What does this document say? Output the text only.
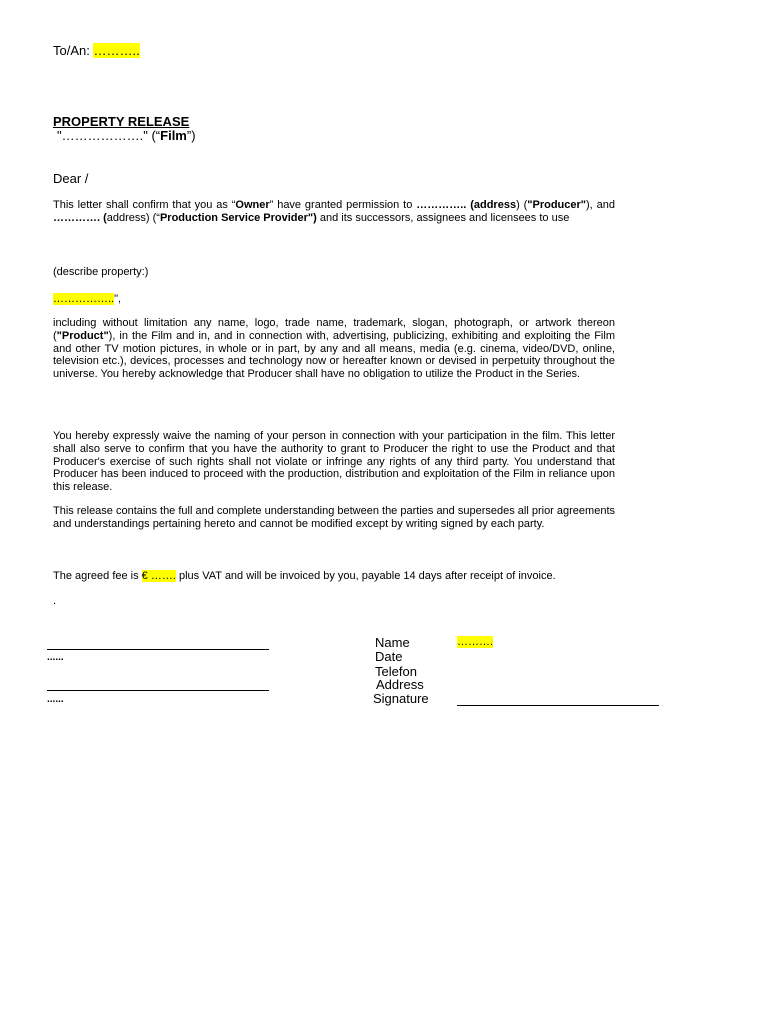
To/An: ………..
PROPERTY RELEASE
"………………." (“Film”)
Dear /
This letter shall confirm that you as “Owner” have granted permission to ………….. (address) ("Producer"), and …………. (address) (“Production Service Provider") and its successors, assignees and licensees to use
(describe property:)
……………..",
including without limitation any name, logo, trade name, trademark, slogan, photograph, or artwork thereon ("Product"), in the Film and in, and in connection with, advertising, publicizing, exhibiting and exploiting the Film and other TV motion pictures, in whole or in part, by any and all means, media (e.g. cinema, video/DVD, online, television etc.), devices, processes and technology now or hereafter known or devised in perpetuity throughout the universe. You hereby acknowledge that Producer shall have no obligation to utilize the Product in the Series.
You hereby expressly waive the naming of your person in connection with your participation in the film. This letter shall also serve to confirm that you have the authority to grant to Producer the right to use the Product and that Producer's exercise of such rights shall not violate or infringe any rights of any third party. You understand that Producer has been induced to proceed with the production, distribution and exploitation of the Film in reliance upon this release.
This release contains the full and complete understanding between the parties and supersedes all prior agreements and understandings pertaining hereto and cannot be modified except by writing signed by each party.
The agreed fee is € ……. plus VAT and will be invoiced by you, payable 14 days after receipt of invoice.
.
......
......
Name	……….
Date
Telefon
Address
Signature
